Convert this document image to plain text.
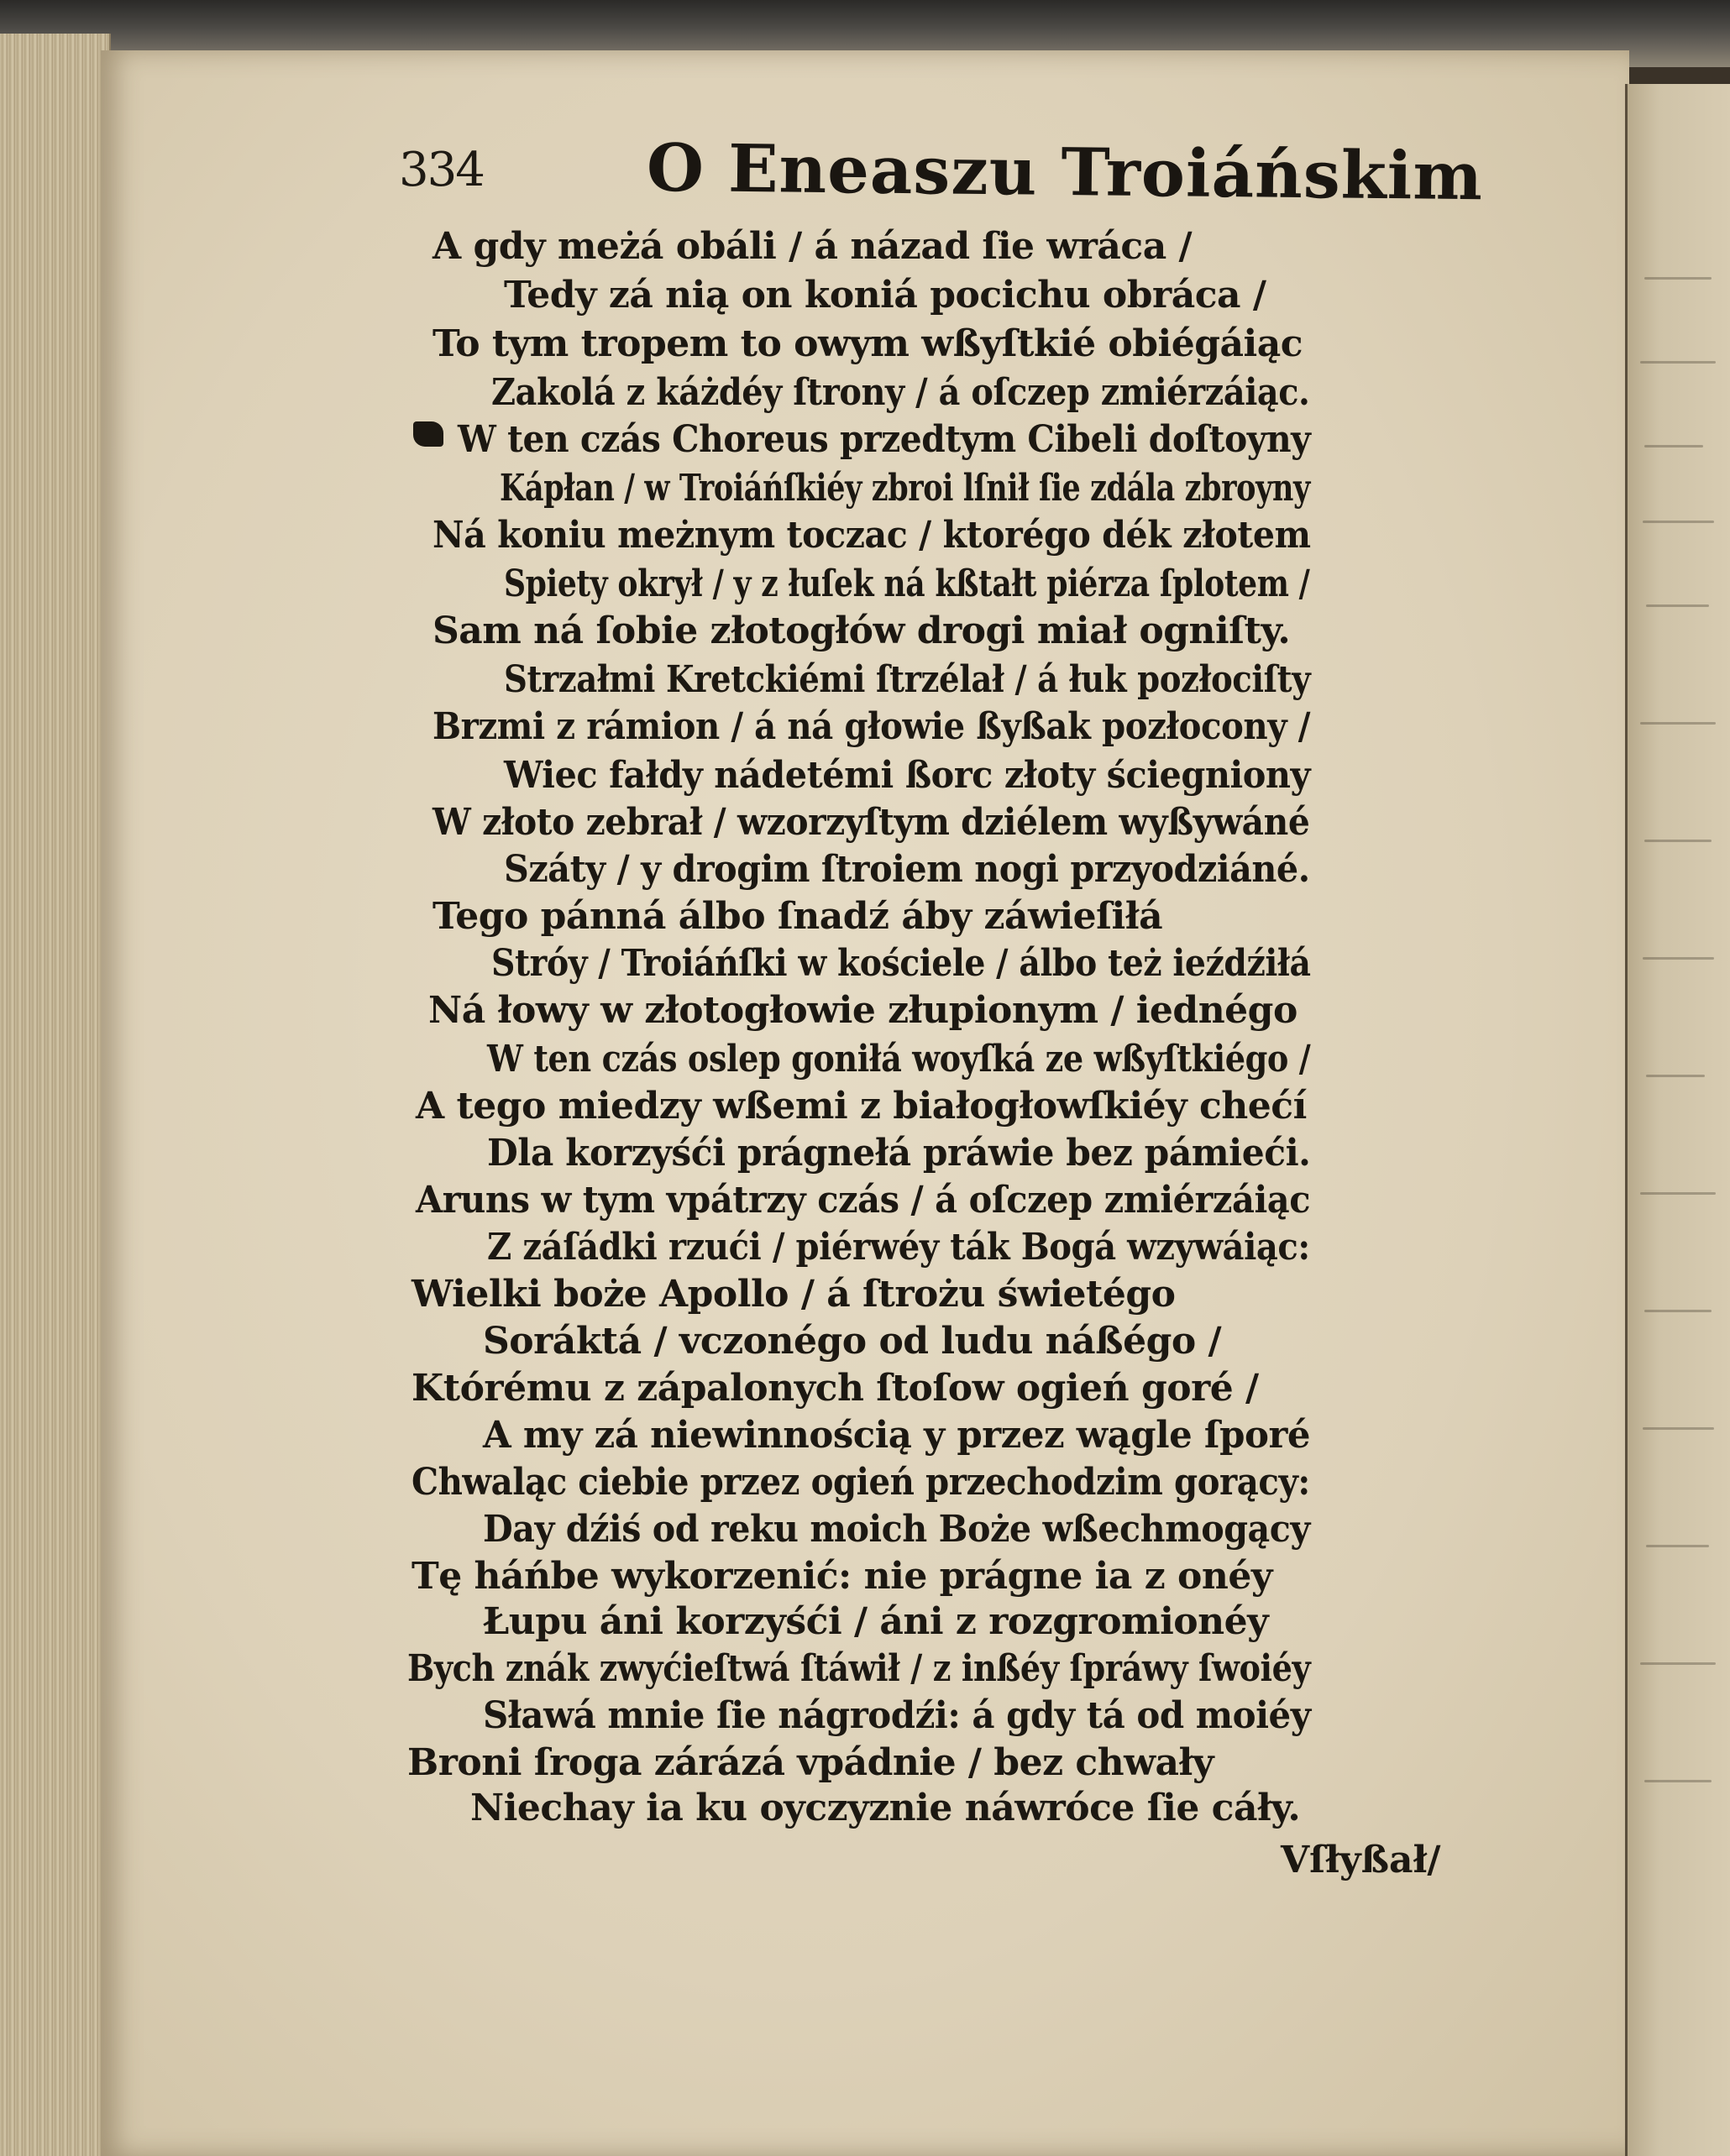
334 O Eneaszu Troiáńskim
A gdy meżá obáli / á názad ſie wráca /
Tedy zá nią on koniá pocichu obráca /
To tym tropem to owym wßyſtkié obiégáiąc
Zakolá z káżdéy ſtrony / á oſczep zmiérzáiąc.
W ten czás Choreus przedtym Cibeli doſtoyny
Kápłan / w Troiáńſkiéy zbroi lſnił ſie zdála zbroyny
Ná koniu meżnym toczac / ktorégo dék złotem
Spiety okrył / y z łuſek ná kßtałt piérza ſplotem /
Sam ná ſobie złotogłów drogi miał ogniſty.
Strzałmi Kretckiémi ſtrzélał / á łuk pozłociſty
Brzmi z rámion / á ná głowie ßyßak pozłocony /
Wiec fałdy nádetémi ßorc złoty ściegniony
W złoto zebrał / wzorzyſtym dziélem wyßywáné
Száty / y drogim ſtroiem nogi przyodziáné.
Tego pánná álbo ſnadź áby záwieſiłá
Stróy / Troiáńſki w kościele / álbo też ieźdźiłá
Ná łowy w złotogłowie złupionym / iednégo
W ten czás oslep goniłá woyſká ze wßyſtkiégo /
A tego miedzy wßemi z białogłowſkiéy chećí
Dla korzyśći prágnełá práwie bez pámieći.
Aruns w tym vpátrzy czás / á oſczep zmiérzáiąc
Z záſádki rzući / piérwéy ták Bogá wzywáiąc:
Wielki boże Apollo / á ſtrożu świetégo
Soráktá / vczonégo od ludu náßégo /
Którému z zápalonych ſtoſow ogień goré /
A my zá niewinnością y przez wągle ſporé
Chwaląc ciebie przez ogień przechodzim gorący:
Day dźiś od reku moich Boże wßechmogący
Tę háńbe wykorzenić: nie prágne ia z onéy
Łupu áni korzyśći / áni z rozgromionéy
Bych znák zwyćieſtwá ſtáwił / z inßéy ſpráwy ſwoiéy
Sławá mnie ſie nágrodźi: á gdy tá od moiéy
Broni ſroga zárázá vpádnie / bez chwały
Niechay ia ku oyczyznie náwróce ſie cáły.
Vſłyßał/
